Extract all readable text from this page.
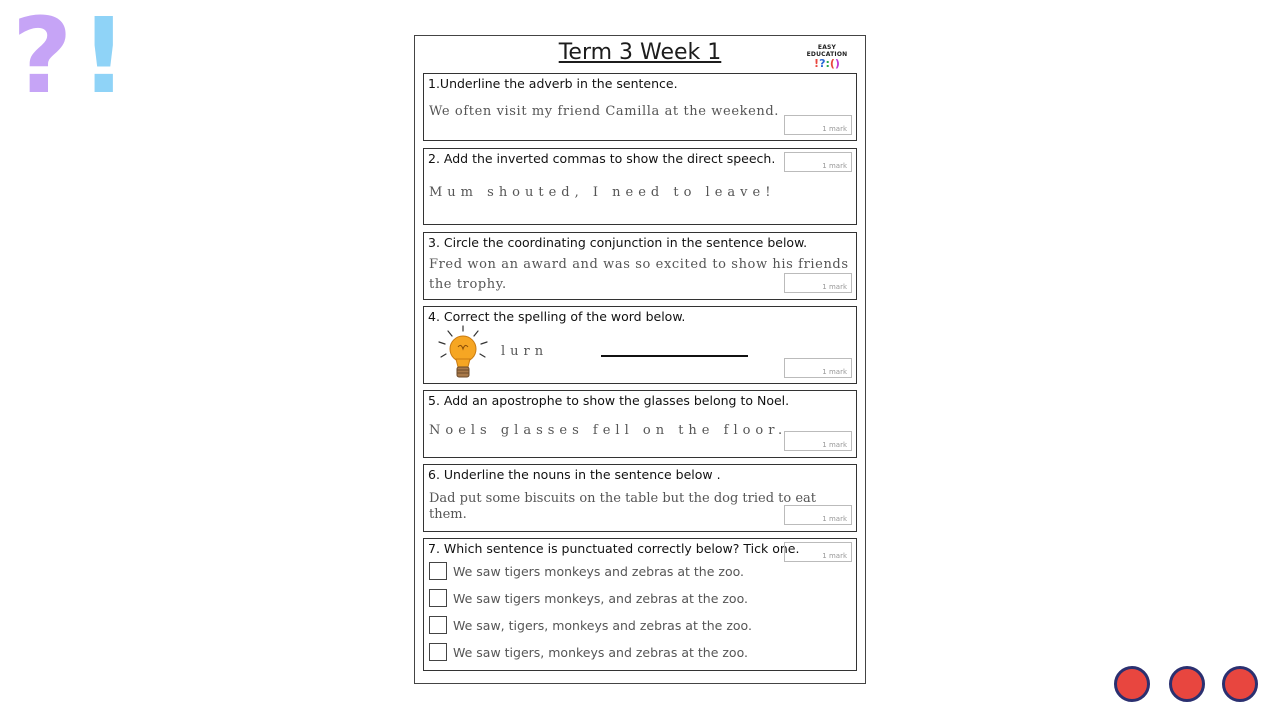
? !	Term 3 Week 1	EASY EDUCATION
!?:()
1.Underline the adverb in the sentence.
We often visit my friend Camilla at the weekend.
1 mark
2. Add the inverted commas to show the direct speech.
Mum shouted, I need to leave!
1 mark
3. Circle the coordinating conjunction in the sentence below.
Fred won an award and was so excited to show his friends
the trophy.	1 mark
4. Correct the spelling of the word below.
lurn
1 mark
5. Add an apostrophe to show the glasses belong to Noel.
Noels glasses fell on the floor.
1 mark
6. Underline the nouns in the sentence below .
Dad put some biscuits on the table but the dog tried to eat
them.	1 mark
7. Which sentence is punctuated correctly below? Tick one.	1 mark
We saw tigers monkeys and zebras at the zoo.
We saw tigers monkeys, and zebras at the zoo.
We saw, tigers, monkeys and zebras at the zoo.
We saw tigers, monkeys and zebras at the zoo.
